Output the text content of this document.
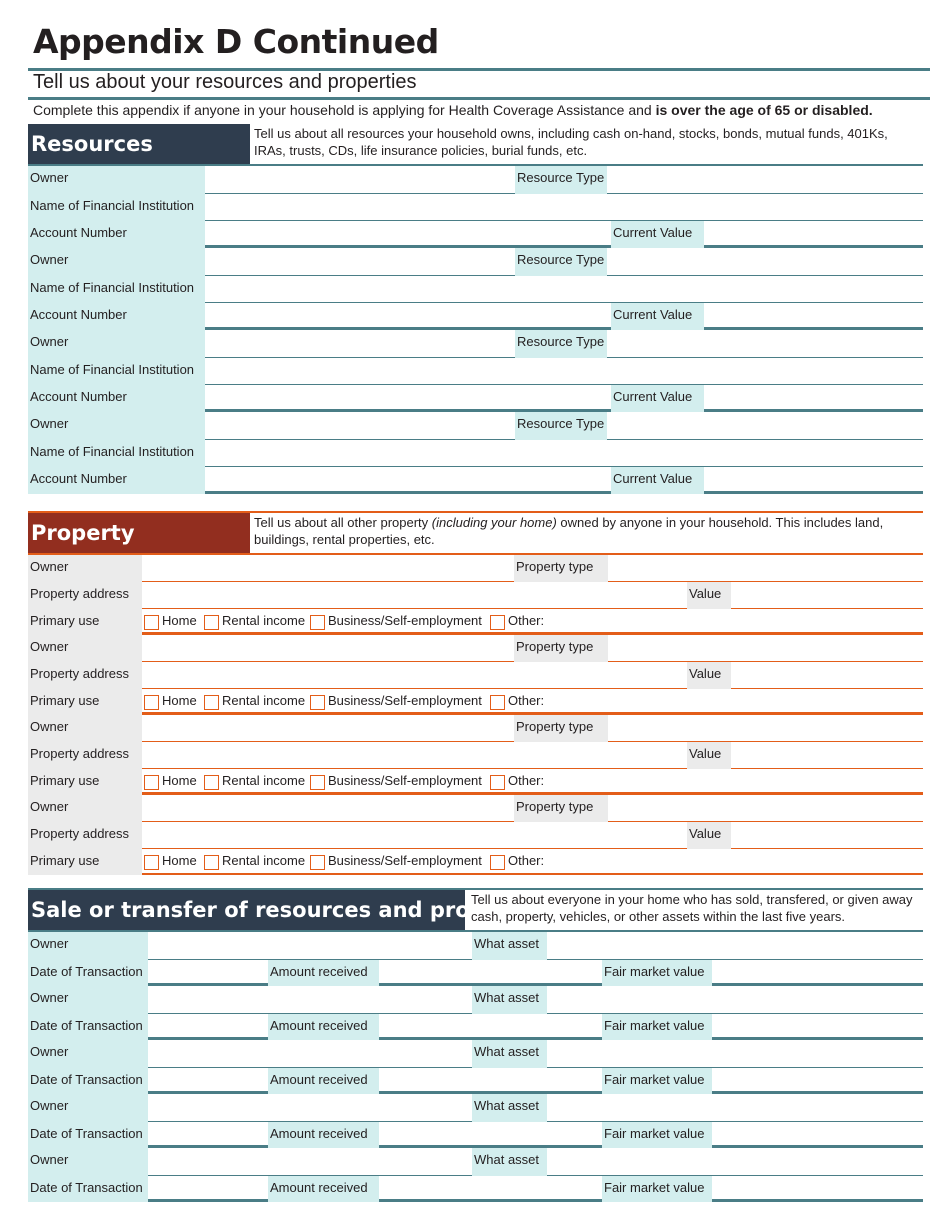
Appendix D Continued
Tell us about your resources and properties
Complete this appendix if anyone in your household is applying for Health Coverage Assistance and is over the age of 65 or disabled.
Resources	Tell us about all resources your household owns, including cash on-hand, stocks, bonds, mutual funds, 401Ks, IRAs, trusts, CDs, life insurance policies, burial funds, etc.
Owner	Resource Type
Name of Financial Institution
Account Number	Current Value
Owner	Resource Type
Name of Financial Institution
Account Number	Current Value
Owner	Resource Type
Name of Financial Institution
Account Number	Current Value
Owner	Resource Type
Name of Financial Institution
Account Number	Current Value
Property	Tell us about all other property (including your home) owned by anyone in your household. This includes land, buildings, rental properties, etc.
Owner	Property type
Property address	Value
Primary use	Home Rental income Business/Self-employment Other:
Owner	Property type
Property address	Value
Primary use	Home Rental income Business/Self-employment Other:
Owner	Property type
Property address	Value
Primary use	Home Rental income Business/Self-employment Other:
Owner	Property type
Property address	Value
Primary use	Home Rental income Business/Self-employment Other:
Sale or transfer of resources and property
Tell us about everyone in your home who has sold, transfered, or given away cash, property, vehicles, or other assets within the last five years.
Owner	What asset
Date of Transaction	Amount received	Fair market value
Owner	What asset
Date of Transaction	Amount received	Fair market value
Owner	What asset
Date of Transaction	Amount received	Fair market value
Owner	What asset
Date of Transaction	Amount received	Fair market value
Owner	What asset
Date of Transaction	Amount received	Fair market value
